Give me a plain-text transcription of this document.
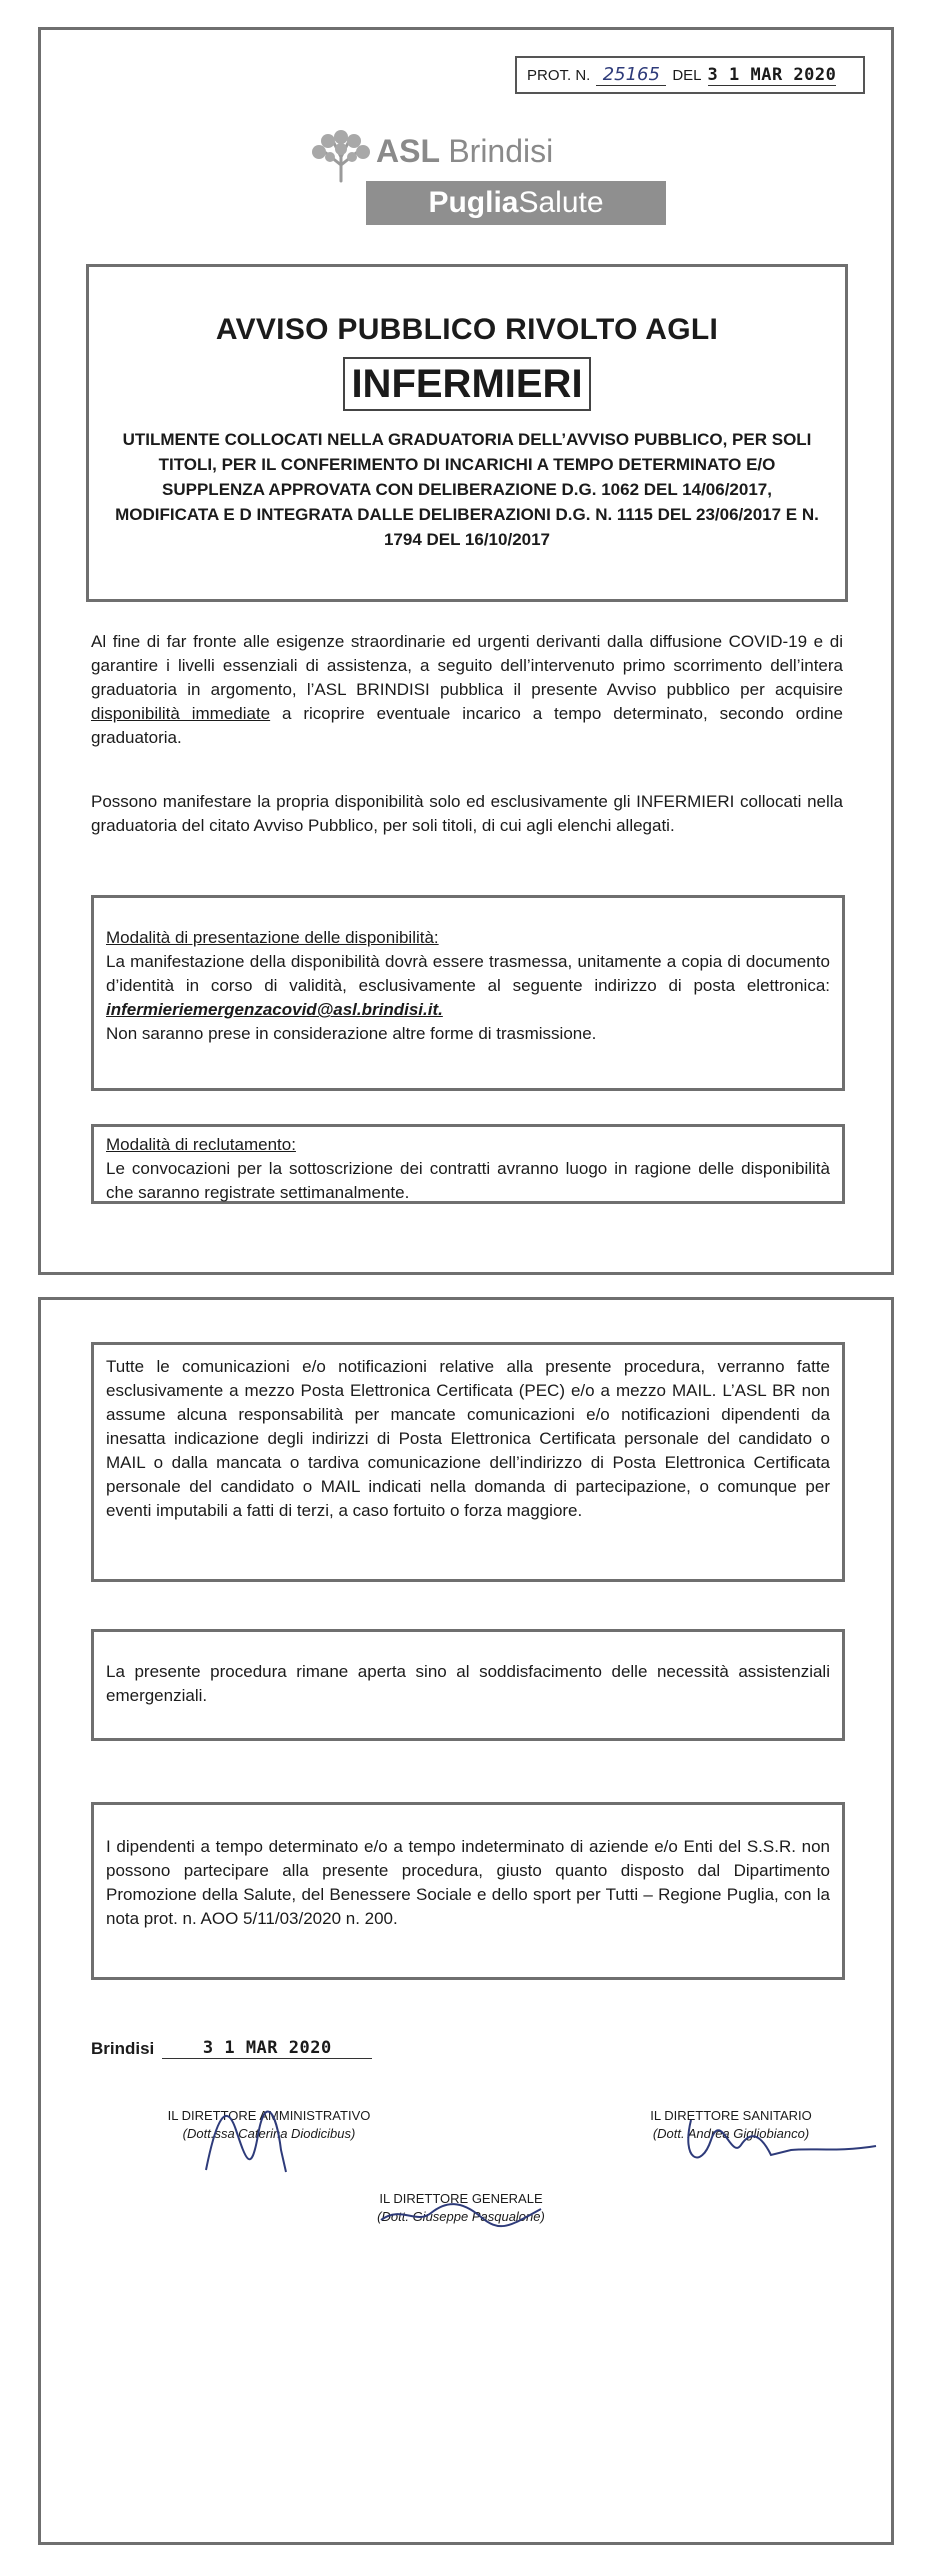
PROT. N. 25165 DEL 3 1 MAR 2020
ASL Brindisi
Puglia Salute
AVVISO PUBBLICO RIVOLTO AGLI
INFERMIERI
UTILMENTE COLLOCATI NELLA GRADUATORIA DELL’AVVISO PUBBLICO, PER SOLI TITOLI, PER IL CONFERIMENTO DI INCARICHI A TEMPO DETERMINATO E/O SUPPLENZA APPROVATA CON DELIBERAZIONE D.G. 1062 DEL 14/06/2017, MODIFICATA E D INTEGRATA DALLE DELIBERAZIONI D.G. N. 1115 DEL 23/06/2017 E N. 1794 DEL 16/10/2017
Al fine di far fronte alle esigenze straordinarie ed urgenti derivanti dalla diffusione COVID-19 e di garantire i livelli essenziali di assistenza, a seguito dell’intervenuto primo scorrimento dell’intera graduatoria in argomento, l’ASL BRINDISI pubblica il presente Avviso pubblico per acquisire disponibilità immediate a ricoprire eventuale incarico a tempo determinato, secondo ordine graduatoria.
Possono manifestare la propria disponibilità solo ed esclusivamente gli INFERMIERI collocati nella graduatoria del citato Avviso Pubblico, per soli titoli, di cui agli elenchi allegati.
Modalità di presentazione delle disponibilità:
La manifestazione della disponibilità dovrà essere trasmessa, unitamente a copia di documento d’identità in corso di validità, esclusivamente al seguente indirizzo di posta elettronica: infermieriemergenzacovid@asl.brindisi.it.
Non saranno prese in considerazione altre forme di trasmissione.
Modalità di reclutamento:
Le convocazioni per la sottoscrizione dei contratti avranno luogo in ragione delle disponibilità che saranno registrate settimanalmente.
Tutte le comunicazioni e/o notificazioni relative alla presente procedura, verranno fatte esclusivamente a mezzo Posta Elettronica Certificata (PEC) e/o a mezzo MAIL. L’ASL BR non assume alcuna responsabilità per mancate comunicazioni e/o notificazioni dipendenti da inesatta indicazione degli indirizzi di Posta Elettronica Certificata personale del candidato o MAIL o dalla mancata o tardiva comunicazione dell’indirizzo di Posta Elettronica Certificata personale del candidato o MAIL indicati nella domanda di partecipazione, o comunque per eventi imputabili a fatti di terzi, a caso fortuito o forza maggiore.
La presente procedura rimane aperta sino al soddisfacimento delle necessità assistenziali emergenziali.
I dipendenti a tempo determinato e/o a tempo indeterminato di aziende e/o Enti del S.S.R. non possono partecipare alla presente procedura, giusto quanto disposto dal Dipartimento Promozione della Salute, del Benessere Sociale e dello sport per Tutti – Regione Puglia, con la nota prot. n. AOO 5/11/03/2020 n. 200.
Brindisi	3 1 MAR 2020
IL DIRETTORE AMMINISTRATIVO
(Dott.ssa Caterina Diodicibus)
IL DIRETTORE SANITARIO
(Dott. Andrea Gigliobianco)
IL DIRETTORE GENERALE
(Dott. Giuseppe Pasqualone)
